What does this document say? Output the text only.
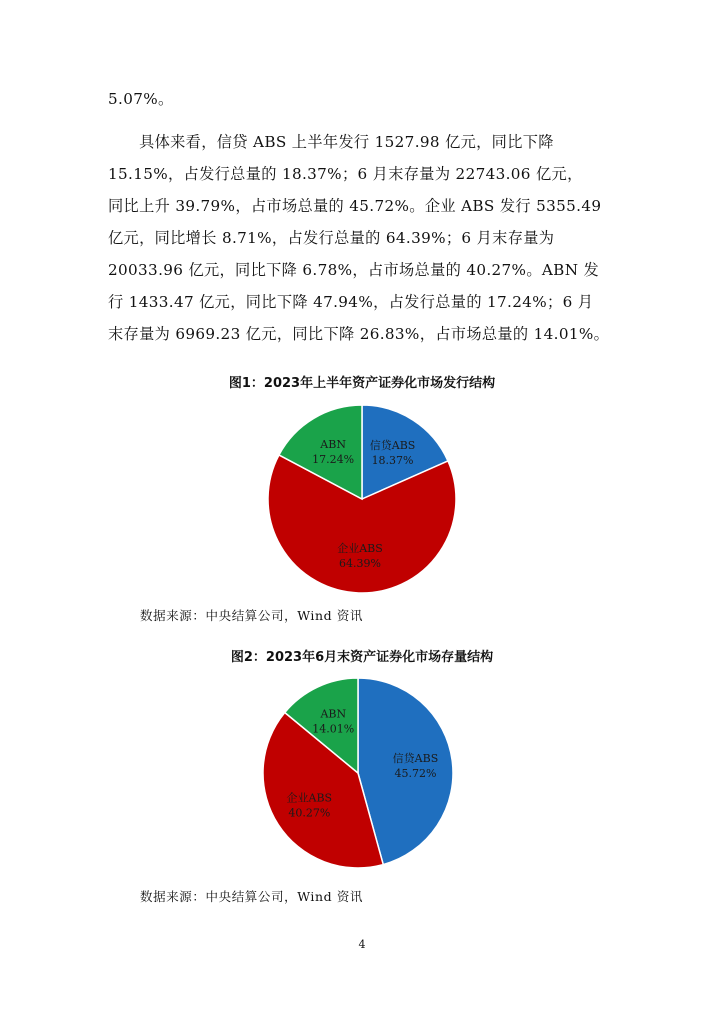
5.07%。

　　具体来看，信贷 ABS 上半年发行 1527.98 亿元，同比下降
15.15%，占发行总量的 18.37%；6 月末存量为 22743.06 亿元，
同比上升 39.79%，占市场总量的 45.72%。企业 ABS 发行 5355.49
亿元，同比增长 8.71%，占发行总量的 64.39%；6 月末存量为
20033.96 亿元，同比下降 6.78%，占市场总量的 40.27%。ABN 发
行 1433.47 亿元，同比下降 47.94%，占发行总量的 17.24%；6 月
末存量为 6969.23 亿元，同比下降 26.83%，占市场总量的 14.01%。

图1：2023年上半年资产证券化市场发行结构

信贷ABS
18.37%
企业ABS
64.39%
ABN
17.24%

数据来源：中央结算公司，Wind 资讯

图2：2023年6月末资产证券化市场存量结构

信贷ABS
45.72%
企业ABS
40.27%
ABN
14.01%

数据来源：中央结算公司，Wind 资讯

4
